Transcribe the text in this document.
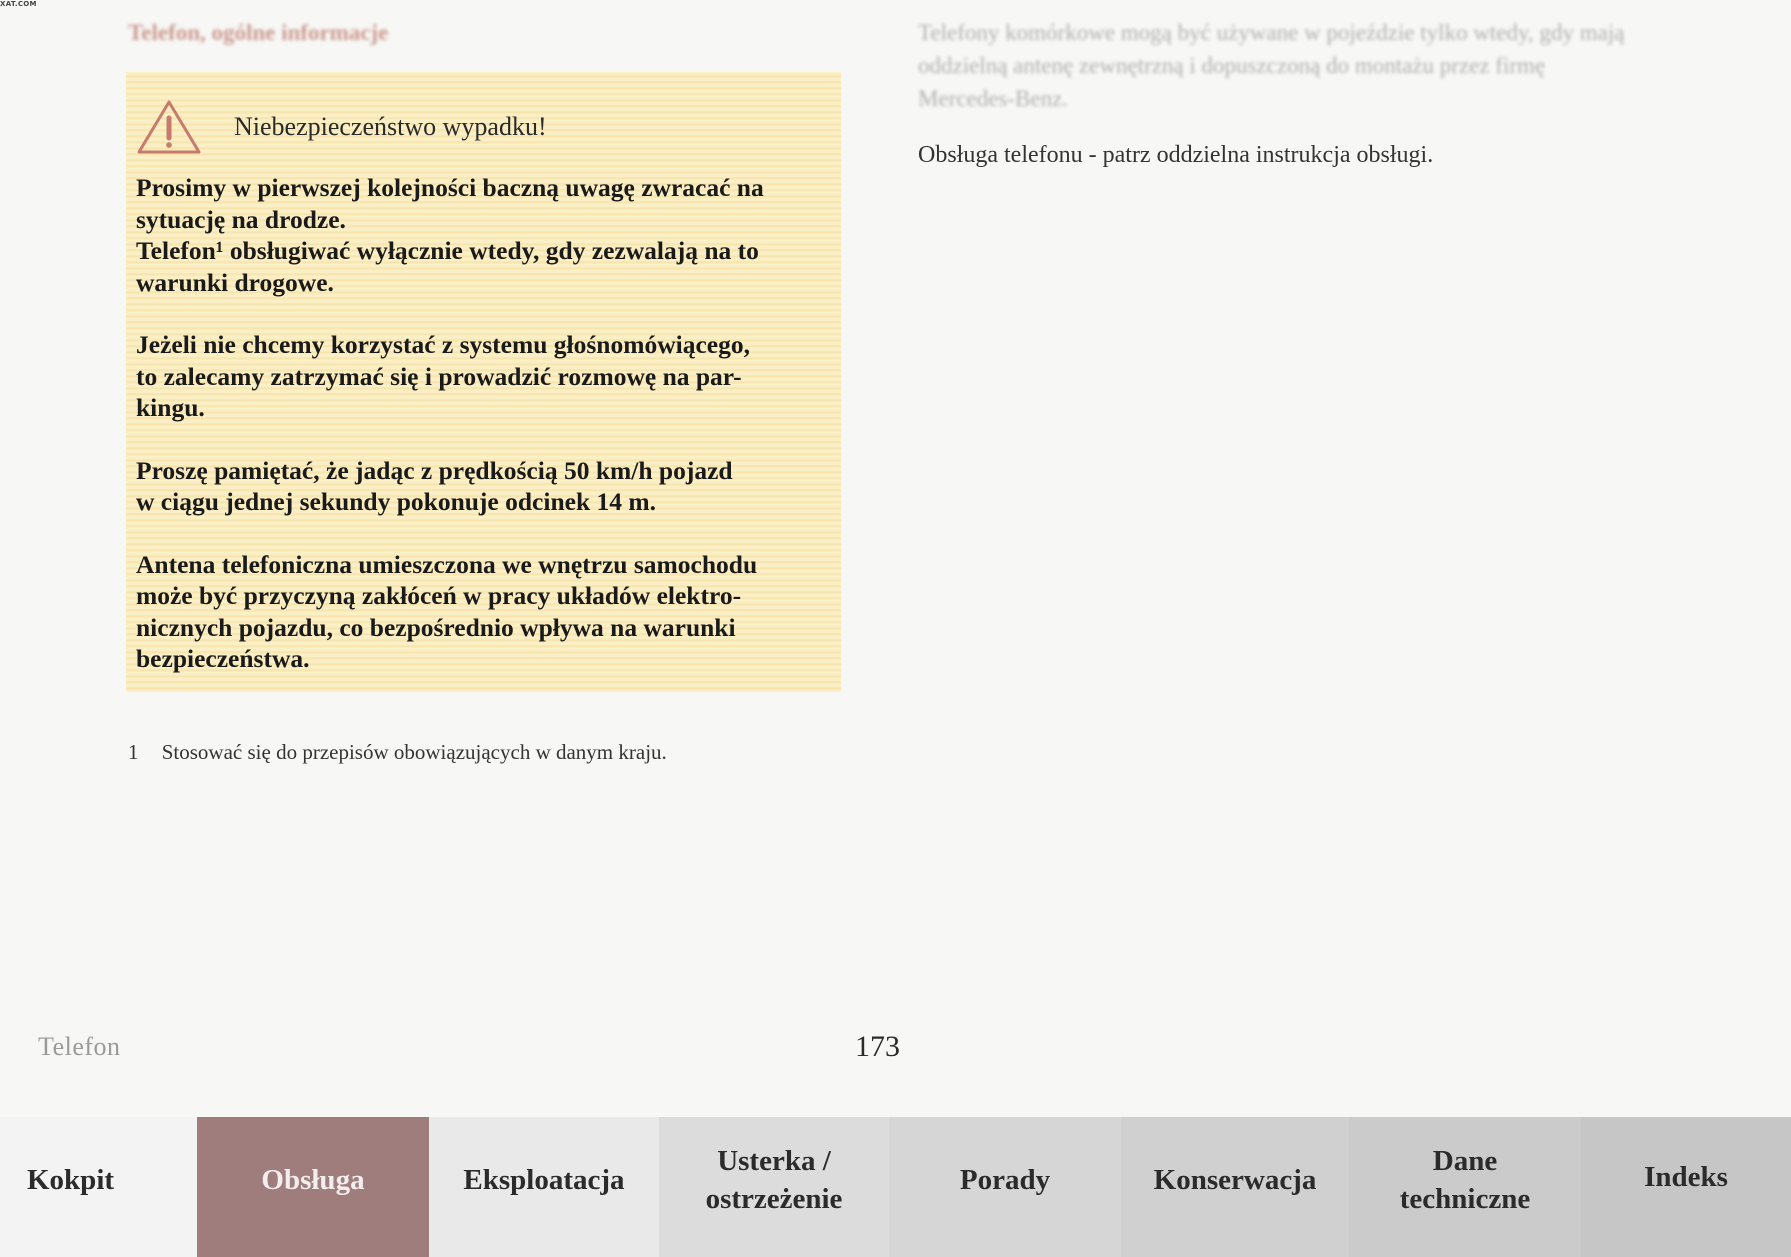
XAT.COM
Telefon, ogólne informacje	Telefony komórkowe mogą być używane w pojeździe tylko wtedy, gdy mają oddzielną antenę zewnętrzną i dopuszczoną do montażu przez firmę Mercedes-Benz.
Obsługa telefonu - patrz oddzielna instrukcja obsługi.
Niebezpieczeństwo wypadku!

Prosimy w pierwszej kolejności baczną uwagę zwracać na
sytuację na drodze.
Telefon¹ obsługiwać wyłącznie wtedy, gdy zezwalają na to
warunki drogowe.

Jeżeli nie chcemy korzystać z systemu głośnomówiącego,
to zalecamy zatrzymać się i prowadzić rozmowę na par-
kingu.

Proszę pamiętać, że jadąc z prędkością 50 km/h pojazd
w ciągu jednej sekundy pokonuje odcinek 14 m.

Antena telefoniczna umieszczona we wnętrzu samochodu
może być przyczyną zakłóceń w pracy układów elektro-
nicznych pojazdu, co bezpośrednio wpływa na warunki
bezpieczeństwa.

1 Stosować się do przepisów obowiązujących w danym kraju.
Telefon	173
Kokpit	Obsługa	Eksploatacja
Usterka /
ostrzeżenie
Porady	Konserwacja
Dane
techniczne
Indeks
